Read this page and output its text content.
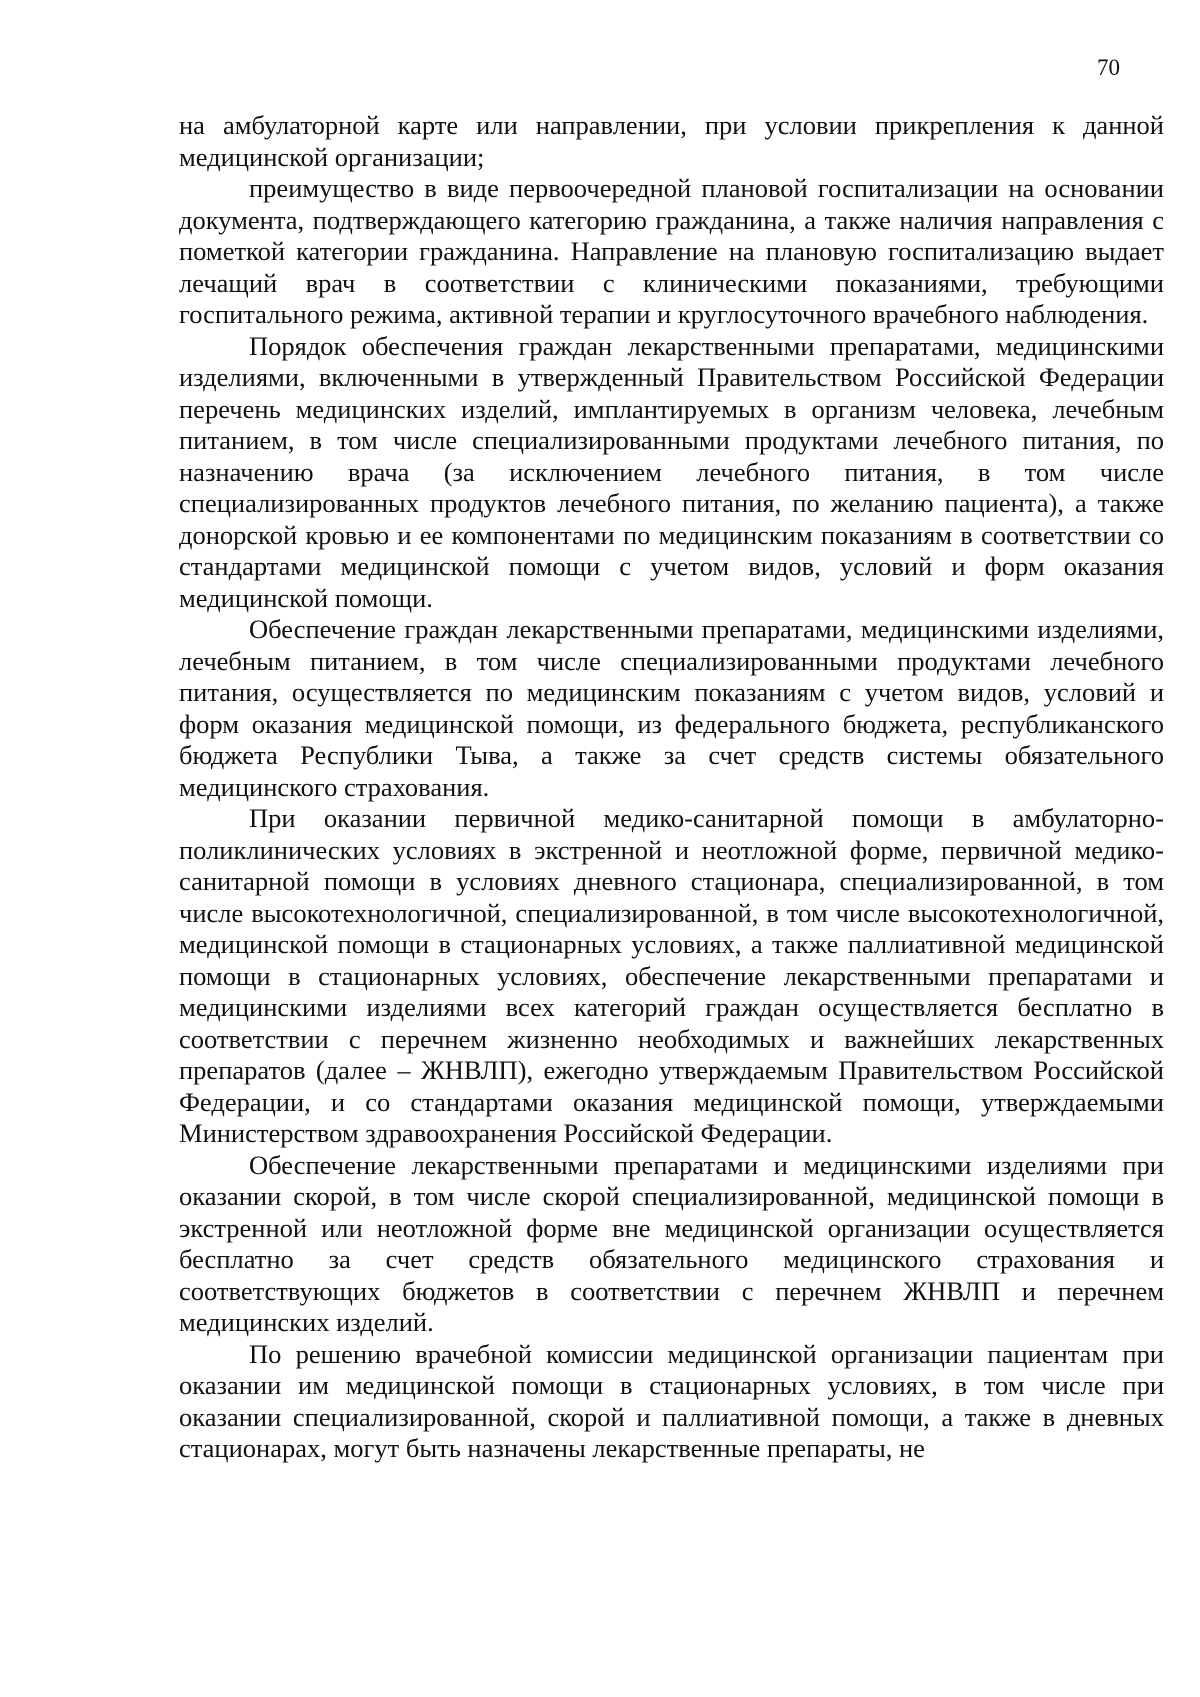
70

на амбулаторной карте или направлении, при условии прикрепления к данной медицинской организации;

преимущество в виде первоочередной плановой госпитализации на основании документа, подтверждающего категорию гражданина, а также наличия направления с пометкой категории гражданина. Направление на плановую госпитализацию выдает лечащий врач в соответствии с клиническими показаниями, требующими госпитального режима, активной терапии и круглосуточного врачебного наблюдения.

Порядок обеспечения граждан лекарственными препаратами, медицинскими изделиями, включенными в утвержденный Правительством Российской Федерации перечень медицинских изделий, имплантируемых в организм человека, лечебным питанием, в том числе специализированными продуктами лечебного питания, по назначению врача (за исключением лечебного питания, в том числе специализированных продуктов лечебного питания, по желанию пациента), а также донорской кровью и ее компонентами по медицинским показаниям в соответствии со стандартами медицинской помощи с учетом видов, условий и форм оказания медицинской помощи.

Обеспечение граждан лекарственными препаратами, медицинскими изделиями, лечебным питанием, в том числе специализированными продуктами лечебного питания, осуществляется по медицинским показаниям с учетом видов, условий и форм оказания медицинской помощи, из федерального бюджета, республиканского бюджета Республики Тыва, а также за счет средств системы обязательного медицинского страхования.

При оказании первичной медико-санитарной помощи в амбулаторно-поликлинических условиях в экстренной и неотложной форме, первичной медико-санитарной помощи в условиях дневного стационара, специализированной, в том числе высокотехнологичной, специализированной, в том числе высокотехнологичной, медицинской помощи в стационарных условиях, а также паллиативной медицинской помощи в стационарных условиях, обеспечение лекарственными препаратами и медицинскими изделиями всех категорий граждан осуществляется бесплатно в соответствии с перечнем жизненно необходимых и важнейших лекарственных препаратов (далее – ЖНВЛП), ежегодно утверждаемым Правительством Российской Федерации, и со стандартами оказания медицинской помощи, утверждаемыми Министерством здравоохранения Российской Федерации.

Обеспечение лекарственными препаратами и медицинскими изделиями при оказании скорой, в том числе скорой специализированной, медицинской помощи в экстренной или неотложной форме вне медицинской организации осуществляется бесплатно за счет средств обязательного медицинского страхования и соответствующих бюджетов в соответствии с перечнем ЖНВЛП и перечнем медицинских изделий.

По решению врачебной комиссии медицинской организации пациентам при оказании им медицинской помощи в стационарных условиях, в том числе при оказании специализированной, скорой и паллиативной помощи, а также в дневных стационарах, могут быть назначены лекарственные препараты, не
